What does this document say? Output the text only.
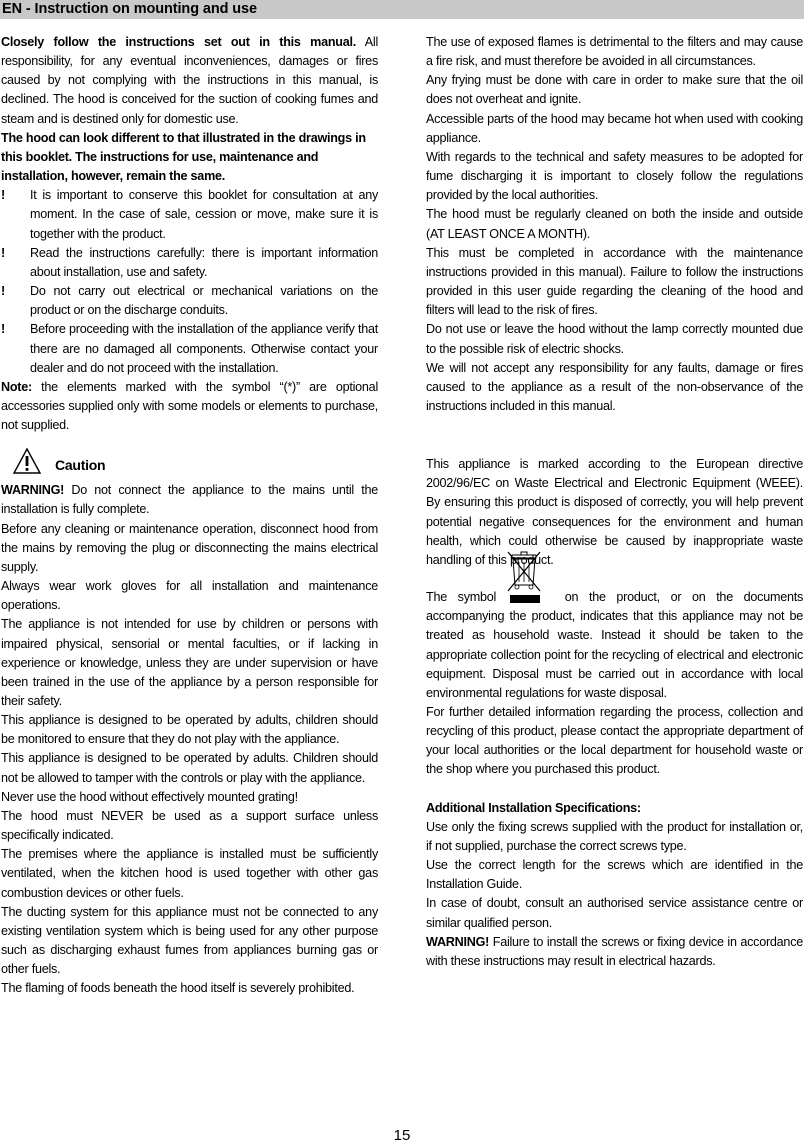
EN - Instruction on mounting and use

Closely follow the instructions set out in this manual. All responsibility, for any eventual inconveniences, damages or fires caused by not complying with the instructions in this manual, is declined. The hood is conceived for the suction of cooking fumes and steam and is destined only for domestic use.

The hood can look different to that illustrated in the drawings in this booklet. The instructions for use, maintenance and installation, however, remain the same.

!	It is important to conserve this booklet for consultation at any moment. In the case of sale, cession or move, make sure it is together with the product.
!	Read the instructions carefully: there is important information about installation, use and safety.
!	Do not carry out electrical or mechanical variations on the product or on the discharge conduits.
!	Before proceeding with the installation of the appliance verify that there are no damaged all components. Otherwise contact your dealer and do not proceed with the installation.

Note: the elements marked with the symbol “(*)” are optional accessories supplied only with some models or elements to purchase, not supplied.

Caution

WARNING! Do not connect the appliance to the mains until the installation is fully complete.

Before any cleaning or maintenance operation, disconnect hood from the mains by removing the plug or disconnecting the mains electrical supply.

Always wear work gloves for all installation and maintenance operations.

The appliance is not intended for use by children or persons with impaired physical, sensorial or mental faculties, or if lacking in experience or knowledge, unless they are under supervision or have been trained in the use of the appliance by a person responsible for their safety.

This appliance is designed to be operated by adults, children should be monitored to ensure that they do not play with the appliance.

This appliance is designed to be operated by adults. Children should not be allowed to tamper with the controls or play with the appliance.

Never use the hood without effectively mounted grating!

The hood must NEVER be used as a support surface unless specifically indicated.

The premises where the appliance is installed must be sufficiently ventilated, when the kitchen hood is used together with other gas combustion devices or other fuels.

The ducting system for this appliance must not be connected to any existing ventilation system which is being used for any other purpose such as discharging exhaust fumes from appliances burning gas or other fuels.

The flaming of foods beneath the hood itself is severely prohibited.

The use of exposed flames is detrimental to the filters and may cause a fire risk, and must therefore be avoided in all circumstances.

Any frying must be done with care in order to make sure that the oil does not overheat and ignite.

Accessible parts of the hood may became hot when used with cooking appliance.

With regards to the technical and safety measures to be adopted for fume discharging it is important to closely follow the regulations provided by the local authorities.

The hood must be regularly cleaned on both the inside and outside (AT LEAST ONCE A MONTH).

This must be completed in accordance with the maintenance instructions provided in this manual). Failure to follow the instructions provided in this user guide regarding the cleaning of the hood and filters will lead to the risk of fires.

Do not use or leave the hood without the lamp correctly mounted due to the possible risk of electric shocks.

We will not accept any responsibility for any faults, damage or fires caused to the appliance as a result of the non-observance of the instructions included in this manual.

This appliance is marked according to the European directive 2002/96/EC on Waste Electrical and Electronic Equipment (WEEE). By ensuring this product is disposed of correctly, you will help prevent potential negative consequences for the environment and human health, which could otherwise be caused by inappropriate waste handling of this product.

The symbol	on the product, or on the documents accompanying the product, indicates that this appliance may not be treated as household waste. Instead it should be taken to the appropriate collection point for the recycling of electrical and electronic equipment. Disposal must be carried out in accordance with local environmental regulations for waste disposal.

For further detailed information regarding the process, collection and recycling of this product, please contact the appropriate department of your local authorities or the local department for household waste or the shop where you purchased this product.

Additional Installation Specifications:

Use only the fixing screws supplied with the product for installation or, if not supplied, purchase the correct screws type.

Use the correct length for the screws which are identified in the Installation Guide.

In case of doubt, consult an authorised service assistance centre or similar qualified person.

WARNING! Failure to install the screws or fixing device in accordance with these instructions may result in electrical hazards.

15
